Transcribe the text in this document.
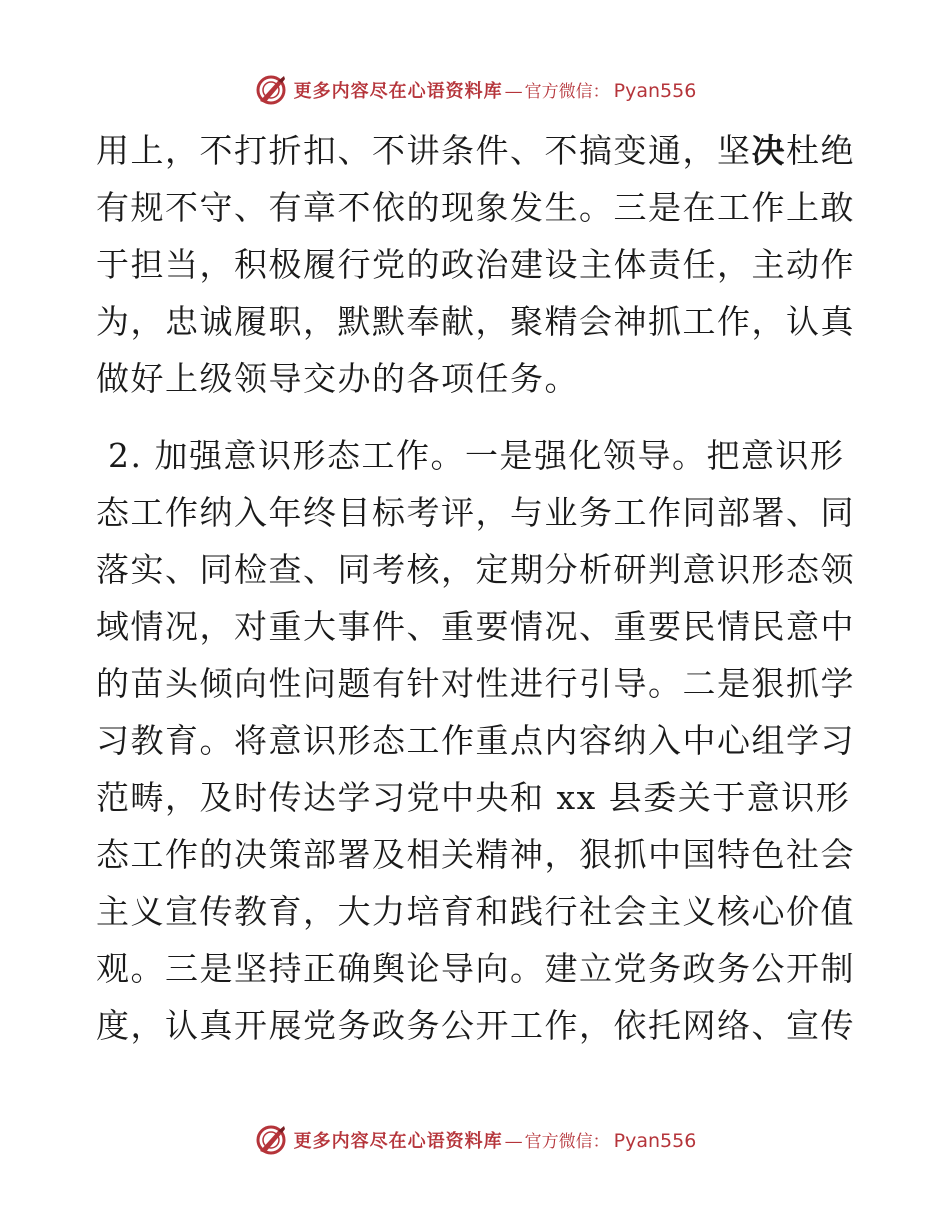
更多内容尽在心语资料库 — 官方微信： Pyan556
用上，不打折扣、不讲条件、不搞变通，坚决杜绝
有规不守、有章不依的现象发生。三是在工作上敢
于担当，积极履行党的政治建设主体责任，主动作
为，忠诚履职，默默奉献，聚精会神抓工作，认真
做好上级领导交办的各项任务。
2. 加强意识形态工作。一是强化领导。把意识形
态工作纳入年终目标考评，与业务工作同部署、同
落实、同检查、同考核，定期分析研判意识形态领
域情况，对重大事件、重要情况、重要民情民意中
的苗头倾向性问题有针对性进行引导。二是狠抓学
习教育。将意识形态工作重点内容纳入中心组学习
范畴，及时传达学习党中央和 xx 县委关于意识形
态工作的决策部署及相关精神，狠抓中国特色社会
主义宣传教育，大力培育和践行社会主义核心价值
观。三是坚持正确舆论导向。建立党务政务公开制
度，认真开展党务政务公开工作，依托网络、宣传
更多内容尽在心语资料库 — 官方微信： Pyan556
